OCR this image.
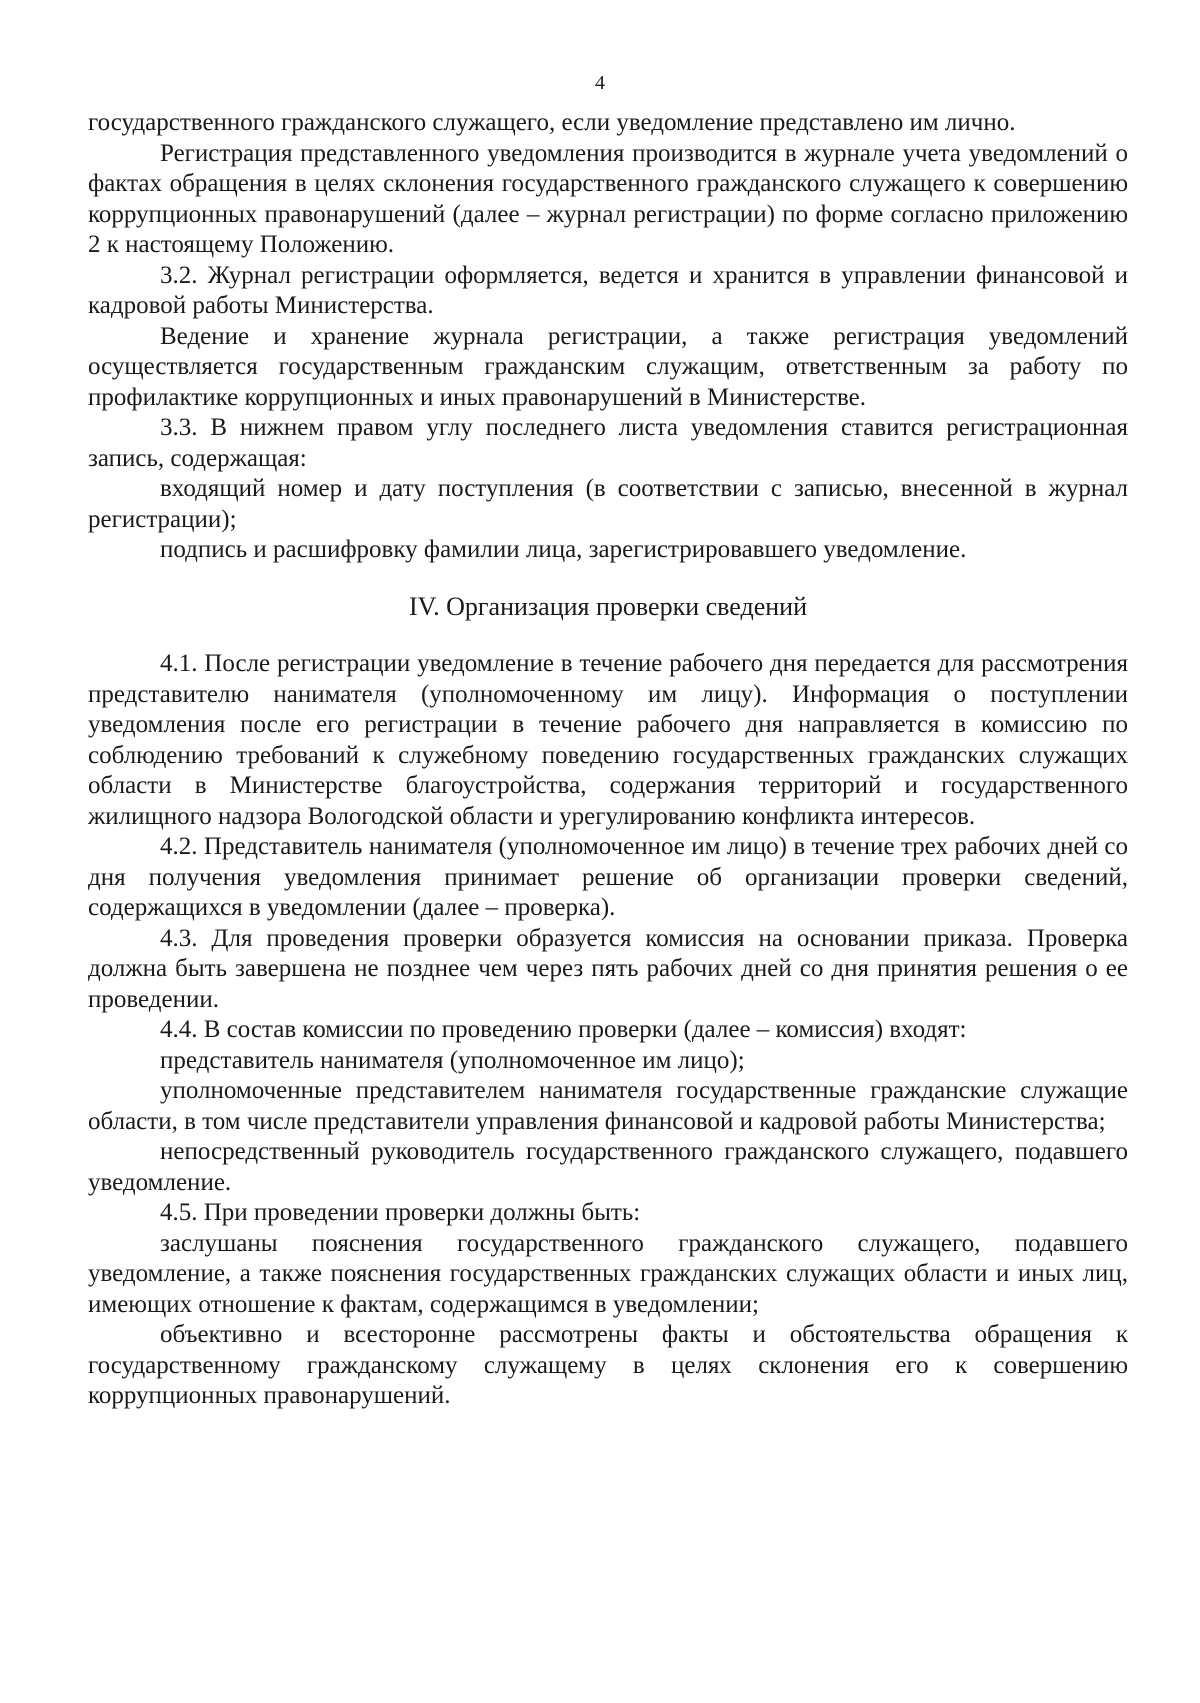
4

государственного гражданского служащего, если уведомление представлено им лично.

Регистрация представленного уведомления производится в журнале учета уведомлений о фактах обращения в целях склонения государственного гражданского служащего к совершению коррупционных правонарушений (далее – журнал регистрации) по форме согласно приложению 2 к настоящему Положению.

3.2. Журнал регистрации оформляется, ведется и хранится в управлении финансовой и кадровой работы Министерства.

Ведение и хранение журнала регистрации, а также регистрация уведомлений осуществляется государственным гражданским служащим, ответственным за работу по профилактике коррупционных и иных правонарушений в Министерстве.

3.3. В нижнем правом углу последнего листа уведомления ставится регистрационная запись, содержащая:

входящий номер и дату поступления (в соответствии с записью, внесенной в журнал регистрации);

подпись и расшифровку фамилии лица, зарегистрировавшего уведомление.

IV. Организация проверки сведений

4.1. После регистрации уведомление в течение рабочего дня передается для рассмотрения представителю нанимателя (уполномоченному им лицу). Информация о поступлении уведомления после его регистрации в течение рабочего дня направляется в комиссию по соблюдению требований к служебному поведению государственных гражданских служащих области в Министерстве благоустройства, содержания территорий и государственного жилищного надзора Вологодской области и урегулированию конфликта интересов.

4.2. Представитель нанимателя (уполномоченное им лицо) в течение трех рабочих дней со дня получения уведомления принимает решение об организации проверки сведений, содержащихся в уведомлении (далее – проверка).

4.3. Для проведения проверки образуется комиссия на основании приказа. Проверка должна быть завершена не позднее чем через пять рабочих дней со дня принятия решения о ее проведении.

4.4. В состав комиссии по проведению проверки (далее – комиссия) входят:

представитель нанимателя (уполномоченное им лицо);

уполномоченные представителем нанимателя государственные гражданские служащие области, в том числе представители управления финансовой и кадровой работы Министерства;

непосредственный руководитель государственного гражданского служащего, подавшего уведомление.

4.5. При проведении проверки должны быть:

заслушаны пояснения государственного гражданского служащего, подавшего уведомление, а также пояснения государственных гражданских служащих области и иных лиц, имеющих отношение к фактам, содержащимся в уведомлении;

объективно и всесторонне рассмотрены факты и обстоятельства обращения к государственному гражданскому служащему в целях склонения его к совершению коррупционных правонарушений.
